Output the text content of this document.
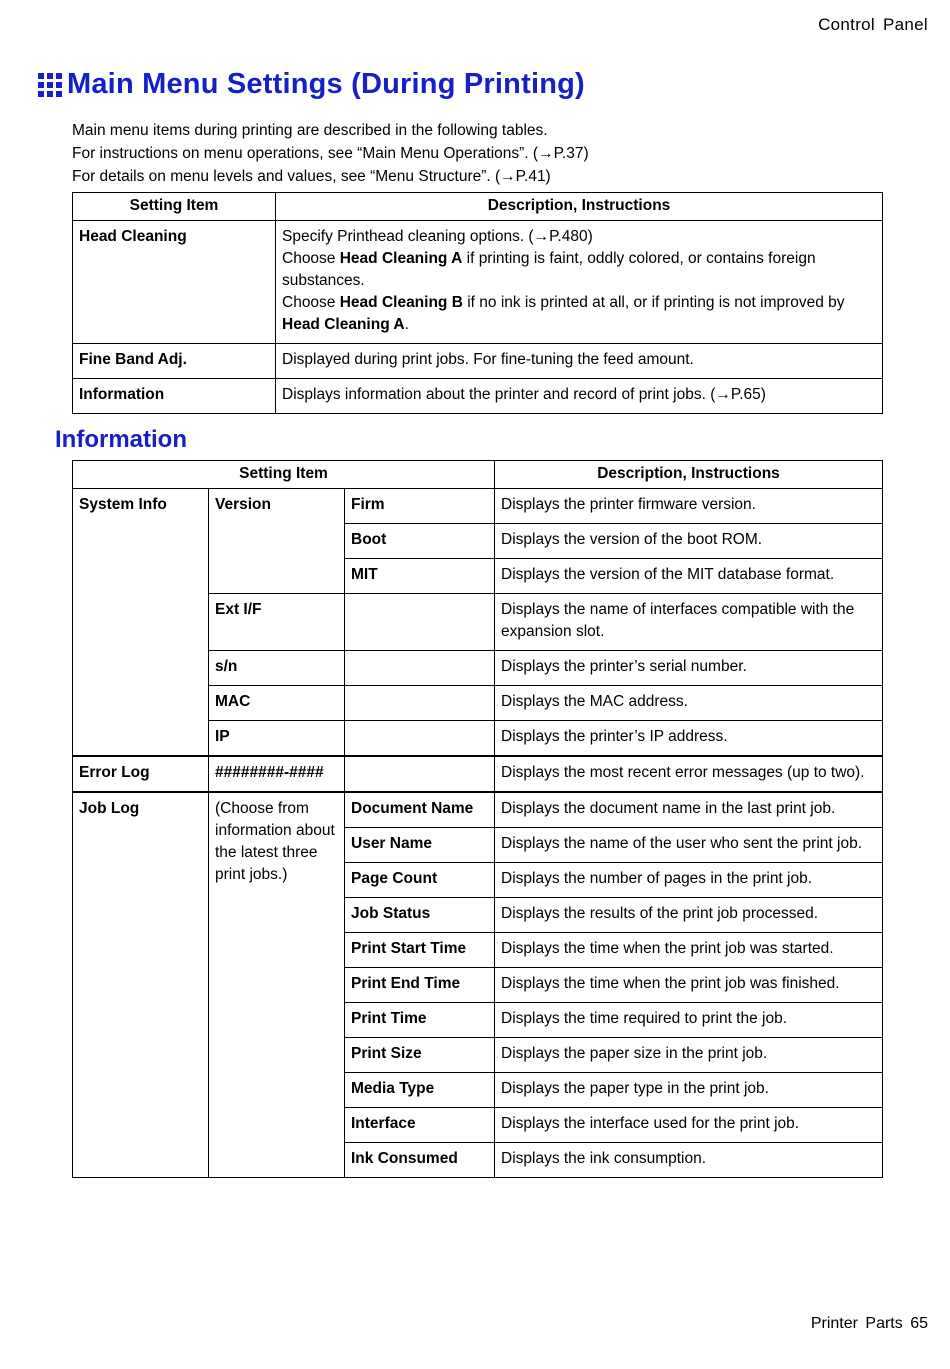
Control Panel
Main Menu Settings (During Printing)
Main menu items during printing are described in the following tables.
For instructions on menu operations, see “Main Menu Operations”. (→P.37)
For details on menu levels and values, see “Menu Structure”. (→P.41)
Setting Item	Description, Instructions
Head Cleaning	Specify Printhead cleaning options. (→P.480)
Choose Head Cleaning A if printing is faint, oddly colored, or contains foreign substances.
Choose Head Cleaning B if no ink is printed at all, or if printing is not improved by Head Cleaning A.

Fine Band Adj.	Displayed during print jobs. For fine-tuning the feed amount.
Information	Displays information about the printer and record of print jobs. (→P.65)
Information
Setting Item			Description, Instructions
System Info	Version	Firm	Displays the printer firmware version.
		Boot	Displays the version of the boot ROM.
		MIT	Displays the version of the MIT database format.
	Ext I/F		Displays the name of interfaces compatible with the expansion slot.
	s/n		Displays the printer’s serial number.
	MAC		Displays the MAC address.
	IP		Displays the printer’s IP address.
Error Log	########-####		Displays the most recent error messages (up to two).
Job Log	(Choose from information about the latest three print jobs.)	Document Name	Displays the document name in the last print job.
		User Name	Displays the name of the user who sent the print job.
		Page Count	Displays the number of pages in the print job.
		Job Status	Displays the results of the print job processed.
		Print Start Time	Displays the time when the print job was started.
		Print End Time	Displays the time when the print job was finished.
		Print Time	Displays the time required to print the job.
		Print Size	Displays the paper size in the print job.
		Media Type	Displays the paper type in the print job.
		Interface	Displays the interface used for the print job.
		Ink Consumed	Displays the ink consumption.
Printer Parts 65
